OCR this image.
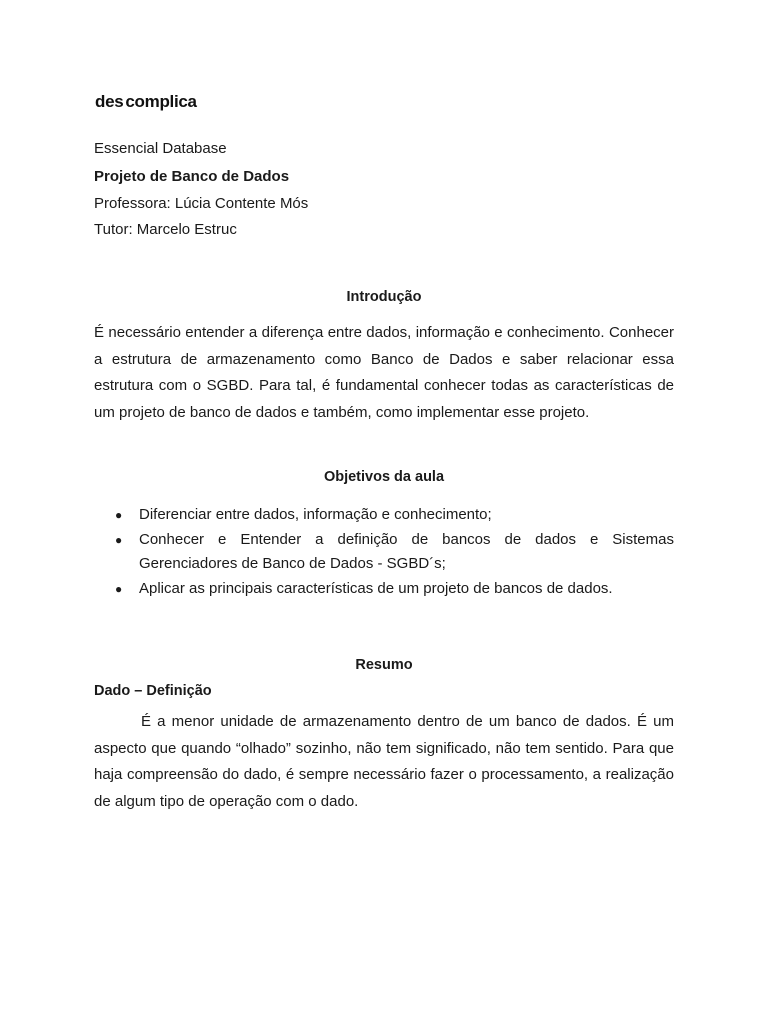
des complica
Essencial Database
Projeto de Banco de Dados
Professora: Lúcia Contente Mós
Tutor: Marcelo Estruc
Introdução
É necessário entender a diferença entre dados, informação e conhecimento. Conhecer a estrutura de armazenamento como Banco de Dados e saber relacionar essa estrutura com o SGBD. Para tal, é fundamental conhecer todas as características de um projeto de banco de dados e também, como implementar esse projeto.
Objetivos da aula
● Diferenciar entre dados, informação e conhecimento;
● Conhecer e Entender a definição de bancos de dados e Sistemas Gerenciadores de Banco de Dados - SGBD´s;
● Aplicar as principais características de um projeto de bancos de dados.
Resumo
Dado – Definição
É a menor unidade de armazenamento dentro de um banco de dados. É um aspecto que quando “olhado” sozinho, não tem significado, não tem sentido. Para que haja compreensão do dado, é sempre necessário fazer o processamento, a realização de algum tipo de operação com o dado.
